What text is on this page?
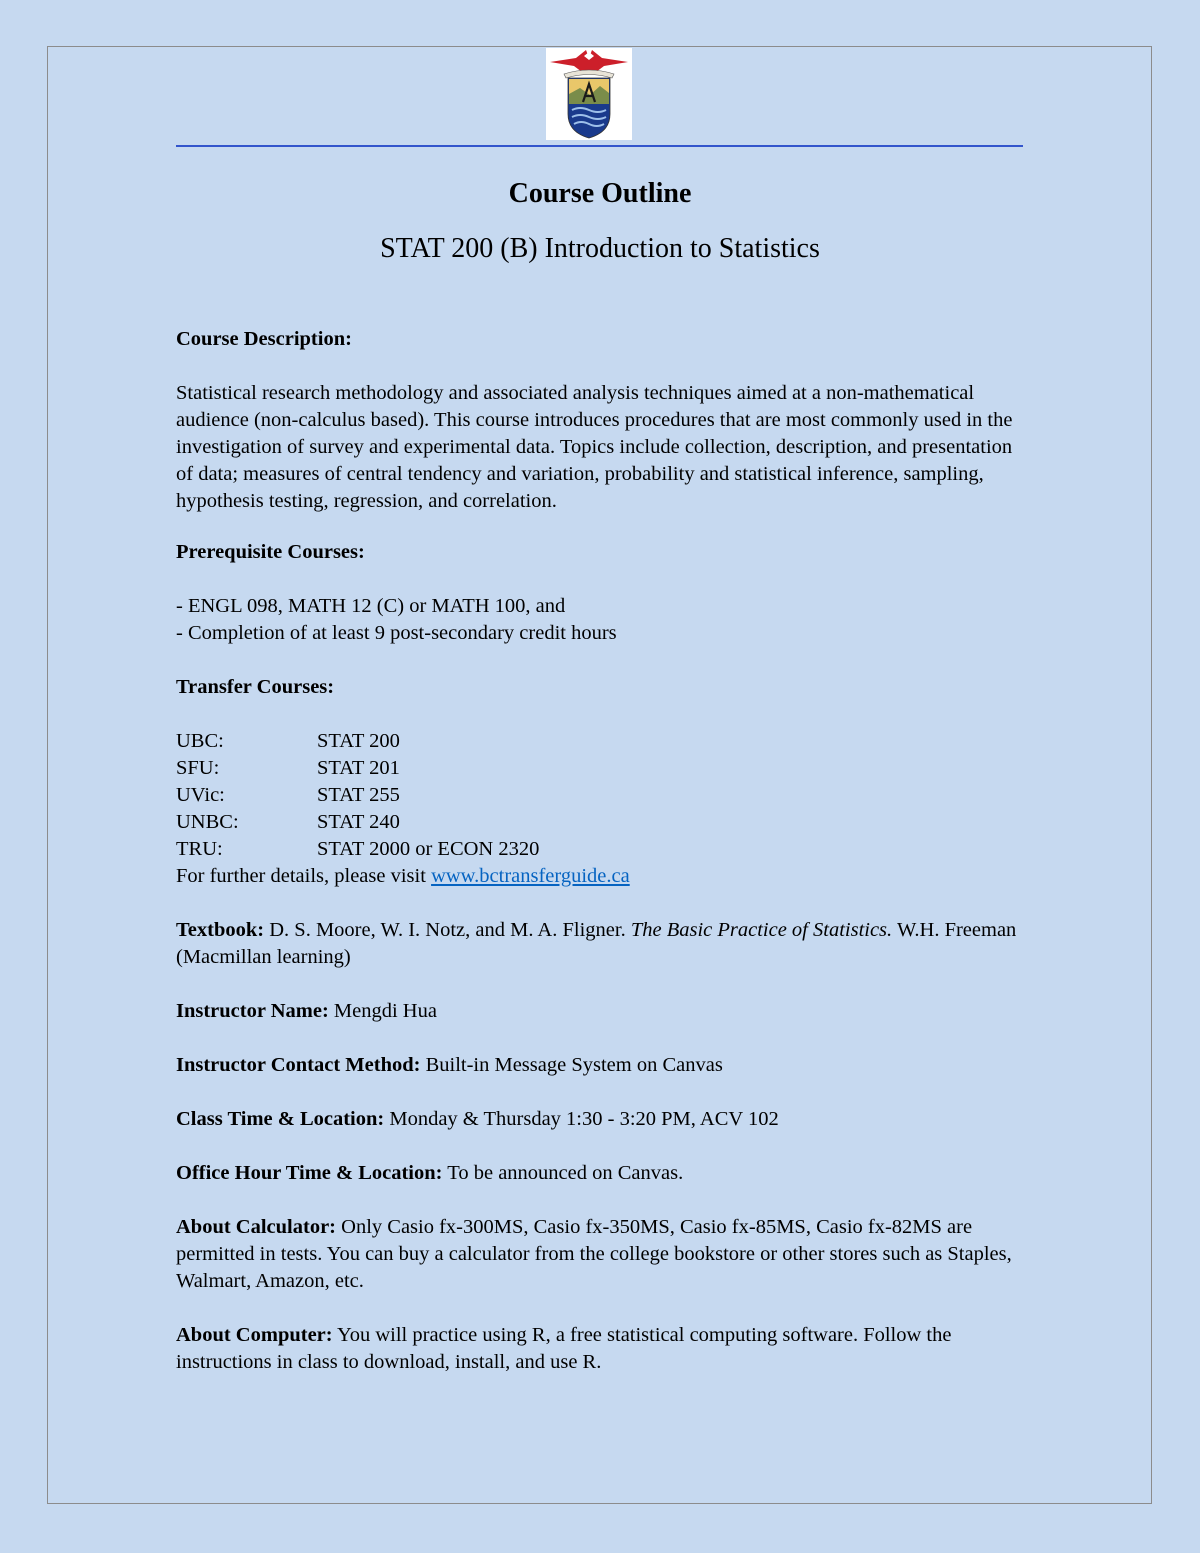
Course Outline
STAT 200 (B) Introduction to Statistics

Course Description:

Statistical research methodology and associated analysis techniques aimed at a non-mathematical audience (non-calculus based). This course introduces procedures that are most commonly used in the investigation of survey and experimental data. Topics include collection, description, and presentation of data; measures of central tendency and variation, probability and statistical inference, sampling, hypothesis testing, regression, and correlation.

Prerequisite Courses:

- ENGL 098, MATH 12 (C) or MATH 100, and

- Completion of at least 9 post-secondary credit hours

Transfer Courses:

UBC:	STAT 200
SFU:	STAT 201
UVic:	STAT 255
UNBC:	STAT 240
TRU:	STAT 2000 or ECON 2320

For further details, please visit www.bctransferguide.ca

Textbook: D. S. Moore, W. I. Notz, and M. A. Fligner. The Basic Practice of Statistics. W.H. Freeman (Macmillan learning)

Instructor Name: Mengdi Hua

Instructor Contact Method: Built-in Message System on Canvas

Class Time & Location: Monday & Thursday 1:30 - 3:20 PM, ACV 102

Office Hour Time & Location: To be announced on Canvas.

About Calculator: Only Casio fx-300MS, Casio fx-350MS, Casio fx-85MS, Casio fx-82MS are permitted in tests. You can buy a calculator from the college bookstore or other stores such as Staples, Walmart, Amazon, etc.

About Computer: You will practice using R, a free statistical computing software. Follow the instructions in class to download, install, and use R.
